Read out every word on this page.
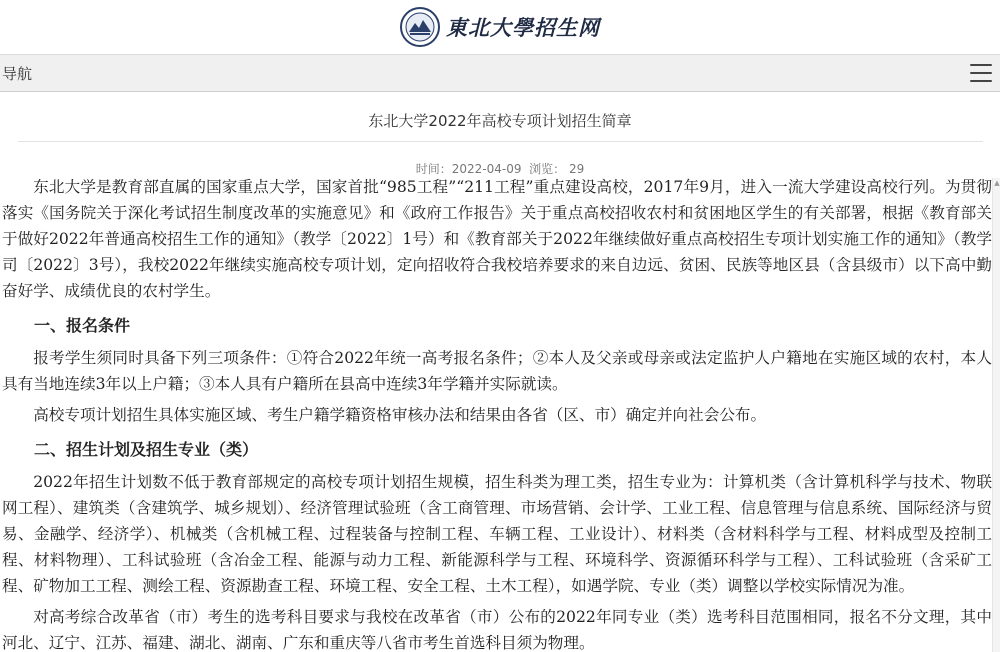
東北大學招生网
导航
东北大学2022年高校专项计划招生简章
时间：2022-04-09 浏览： 29

东北大学是教育部直属的国家重点大学，国家首批“985工程”“211工程”重点建设高校，2017年9月，进入一流大学建设高校行列。为贯彻落实《国务院关于深化考试招生制度改革的实施意见》和《政府工作报告》关于重点高校招收农村和贫困地区学生的有关部署，根据《教育部关于做好2022年普通高校招生工作的通知》（教学〔2022〕1号）和《教育部关于2022年继续做好重点高校招生专项计划实施工作的通知》（教学司〔2022〕3号），我校2022年继续实施高校专项计划，定向招收符合我校培养要求的来自边远、贫困、民族等地区县（含县级市）以下高中勤奋好学、成绩优良的农村学生。

一、报名条件

报考学生须同时具备下列三项条件：①符合2022年统一高考报名条件；②本人及父亲或母亲或法定监护人户籍地在实施区域的农村，本人具有当地连续3年以上户籍；③本人具有户籍所在县高中连续3年学籍并实际就读。

高校专项计划招生具体实施区域、考生户籍学籍资格审核办法和结果由各省（区、市）确定并向社会公布。

二、招生计划及招生专业（类）

2022年招生计划数不低于教育部规定的高校专项计划招生规模，招生科类为理工类，招生专业为：计算机类（含计算机科学与技术、物联网工程）、建筑类（含建筑学、城乡规划）、经济管理试验班（含工商管理、市场营销、会计学、工业工程、信息管理与信息系统、国际经济与贸易、金融学、经济学）、机械类（含机械工程、过程装备与控制工程、车辆工程、工业设计）、材料类（含材料科学与工程、材料成型及控制工程、材料物理）、工科试验班（含冶金工程、能源与动力工程、新能源科学与工程、环境科学、资源循环科学与工程）、工科试验班（含采矿工程、矿物加工工程、测绘工程、资源勘查工程、环境工程、安全工程、土木工程），如遇学院、专业（类）调整以学校实际情况为准。

对高考综合改革省（市）考生的选考科目要求与我校在改革省（市）公布的2022年同专业（类）选考科目范围相同，报名不分文理，其中河北、辽宁、江苏、福建、湖北、湖南、广东和重庆等八省市考生首选科目须为物理。

▲
